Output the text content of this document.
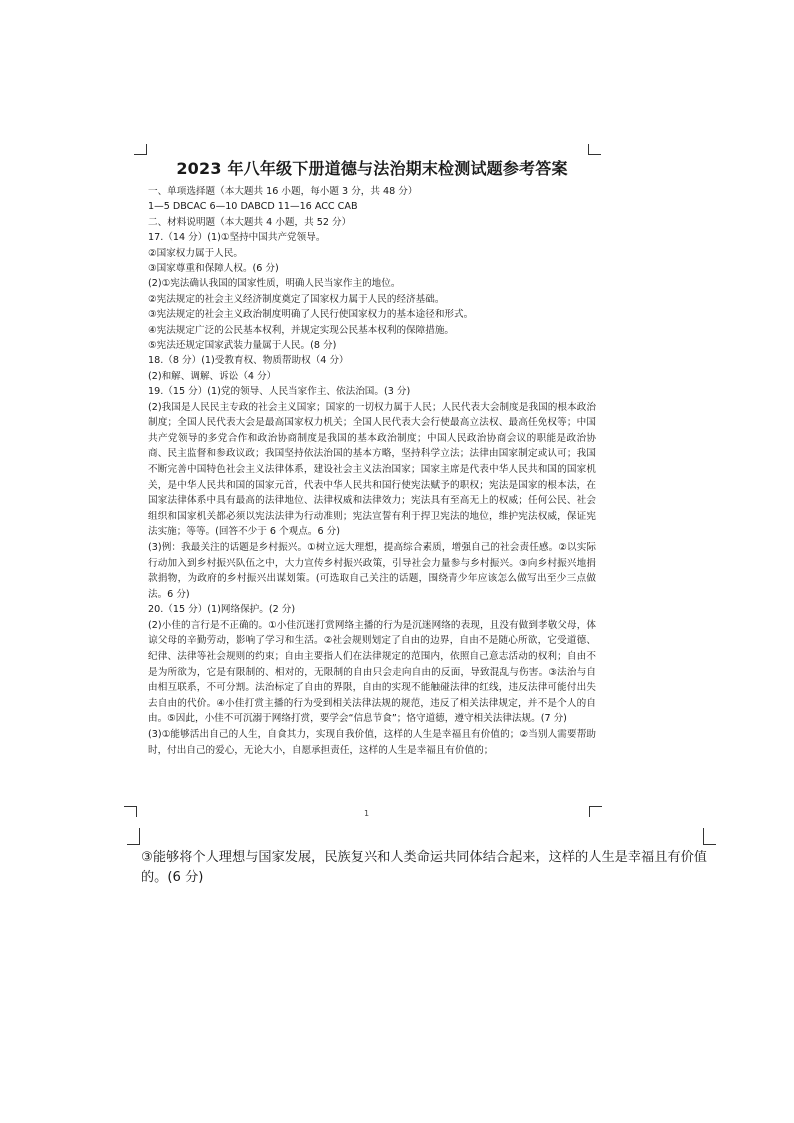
2023 年八年级下册道德与法治期末检测试题参考答案
一、单项选择题（本大题共 16 小题，每小题 3 分，共 48 分）
1—5 DBCAC 6—10 DABCD 11—16 ACC CAB
二、材料说明题（本大题共 4 小题，共 52 分）
17.（14 分）(1)①坚持中国共产党领导。
②国家权力属于人民。
③国家尊重和保障人权。(6 分)
(2)①宪法确认我国的国家性质，明确人民当家作主的地位。
②宪法规定的社会主义经济制度奠定了国家权力属于人民的经济基础。
③宪法规定的社会主义政治制度明确了人民行使国家权力的基本途径和形式。
④宪法规定广泛的公民基本权利，并规定实现公民基本权利的保障措施。
⑤宪法还规定国家武装力量属于人民。(8 分)
18.（8 分）(1)受教育权、物质帮助权（4 分）
(2)和解、调解、诉讼（4 分）
19.（15 分）(1)党的领导、人民当家作主、依法治国。(3 分)
(2)我国是人民民主专政的社会主义国家；国家的一切权力属于人民；人民代表大会制度是我国的根本政治制度；全国人民代表大会是最高国家权力机关；全国人民代表大会行使最高立法权、最高任免权等；中国共产党领导的多党合作和政治协商制度是我国的基本政治制度；中国人民政治协商会议的职能是政治协商、民主监督和参政议政；我国坚持依法治国的基本方略，坚持科学立法；法律由国家制定或认可；我国不断完善中国特色社会主义法律体系，建设社会主义法治国家；国家主席是代表中华人民共和国的国家机关，是中华人民共和国的国家元首，代表中华人民共和国行使宪法赋予的职权；宪法是国家的根本法，在国家法律体系中具有最高的法律地位、法律权威和法律效力；宪法具有至高无上的权威；任何公民、社会组织和国家机关都必须以宪法法律为行动准则；宪法宣誓有利于捍卫宪法的地位，维护宪法权威，保证宪法实施；等等。(回答不少于 6 个观点。6 分)
(3)例：我最关注的话题是乡村振兴。①树立远大理想，提高综合素质，增强自己的社会责任感。②以实际行动加入到乡村振兴队伍之中，大力宣传乡村振兴政策，引导社会力量参与乡村振兴。③向乡村振兴地捐款捐物，为政府的乡村振兴出谋划策。(可选取自己关注的话题，围绕青少年应该怎么做写出至少三点做法。6 分)
20.（15 分）(1)网络保护。(2 分)
(2)小佳的言行是不正确的。①小佳沉迷打赏网络主播的行为是沉迷网络的表现，且没有做到孝敬父母，体谅父母的辛勤劳动，影响了学习和生活。②社会规则划定了自由的边界，自由不是随心所欲，它受道德、纪律、法律等社会规则的约束；自由主要指人们在法律规定的范围内，依照自己意志活动的权利；自由不是为所欲为，它是有限制的、相对的，无限制的自由只会走向自由的反面，导致混乱与伤害。③法治与自由相互联系，不可分割。法治标定了自由的界限，自由的实现不能触碰法律的红线，违反法律可能付出失去自由的代价。④小佳打赏主播的行为受到相关法律法规的规范，违反了相关法律规定，并不是个人的自由。⑤因此，小佳不可沉溺于网络打赏，要学会“信息节食”；恪守道德，遵守相关法律法规。(7 分)
(3)①能够活出自己的人生，自食其力，实现自我价值，这样的人生是幸福且有价值的；②当别人需要帮助时，付出自己的爱心，无论大小，自愿承担责任，这样的人生是幸福且有价值的；
1
③能够将个人理想与国家发展，民族复兴和人类命运共同体结合起来，这样的人生是幸福且有价值的。(6 分)
